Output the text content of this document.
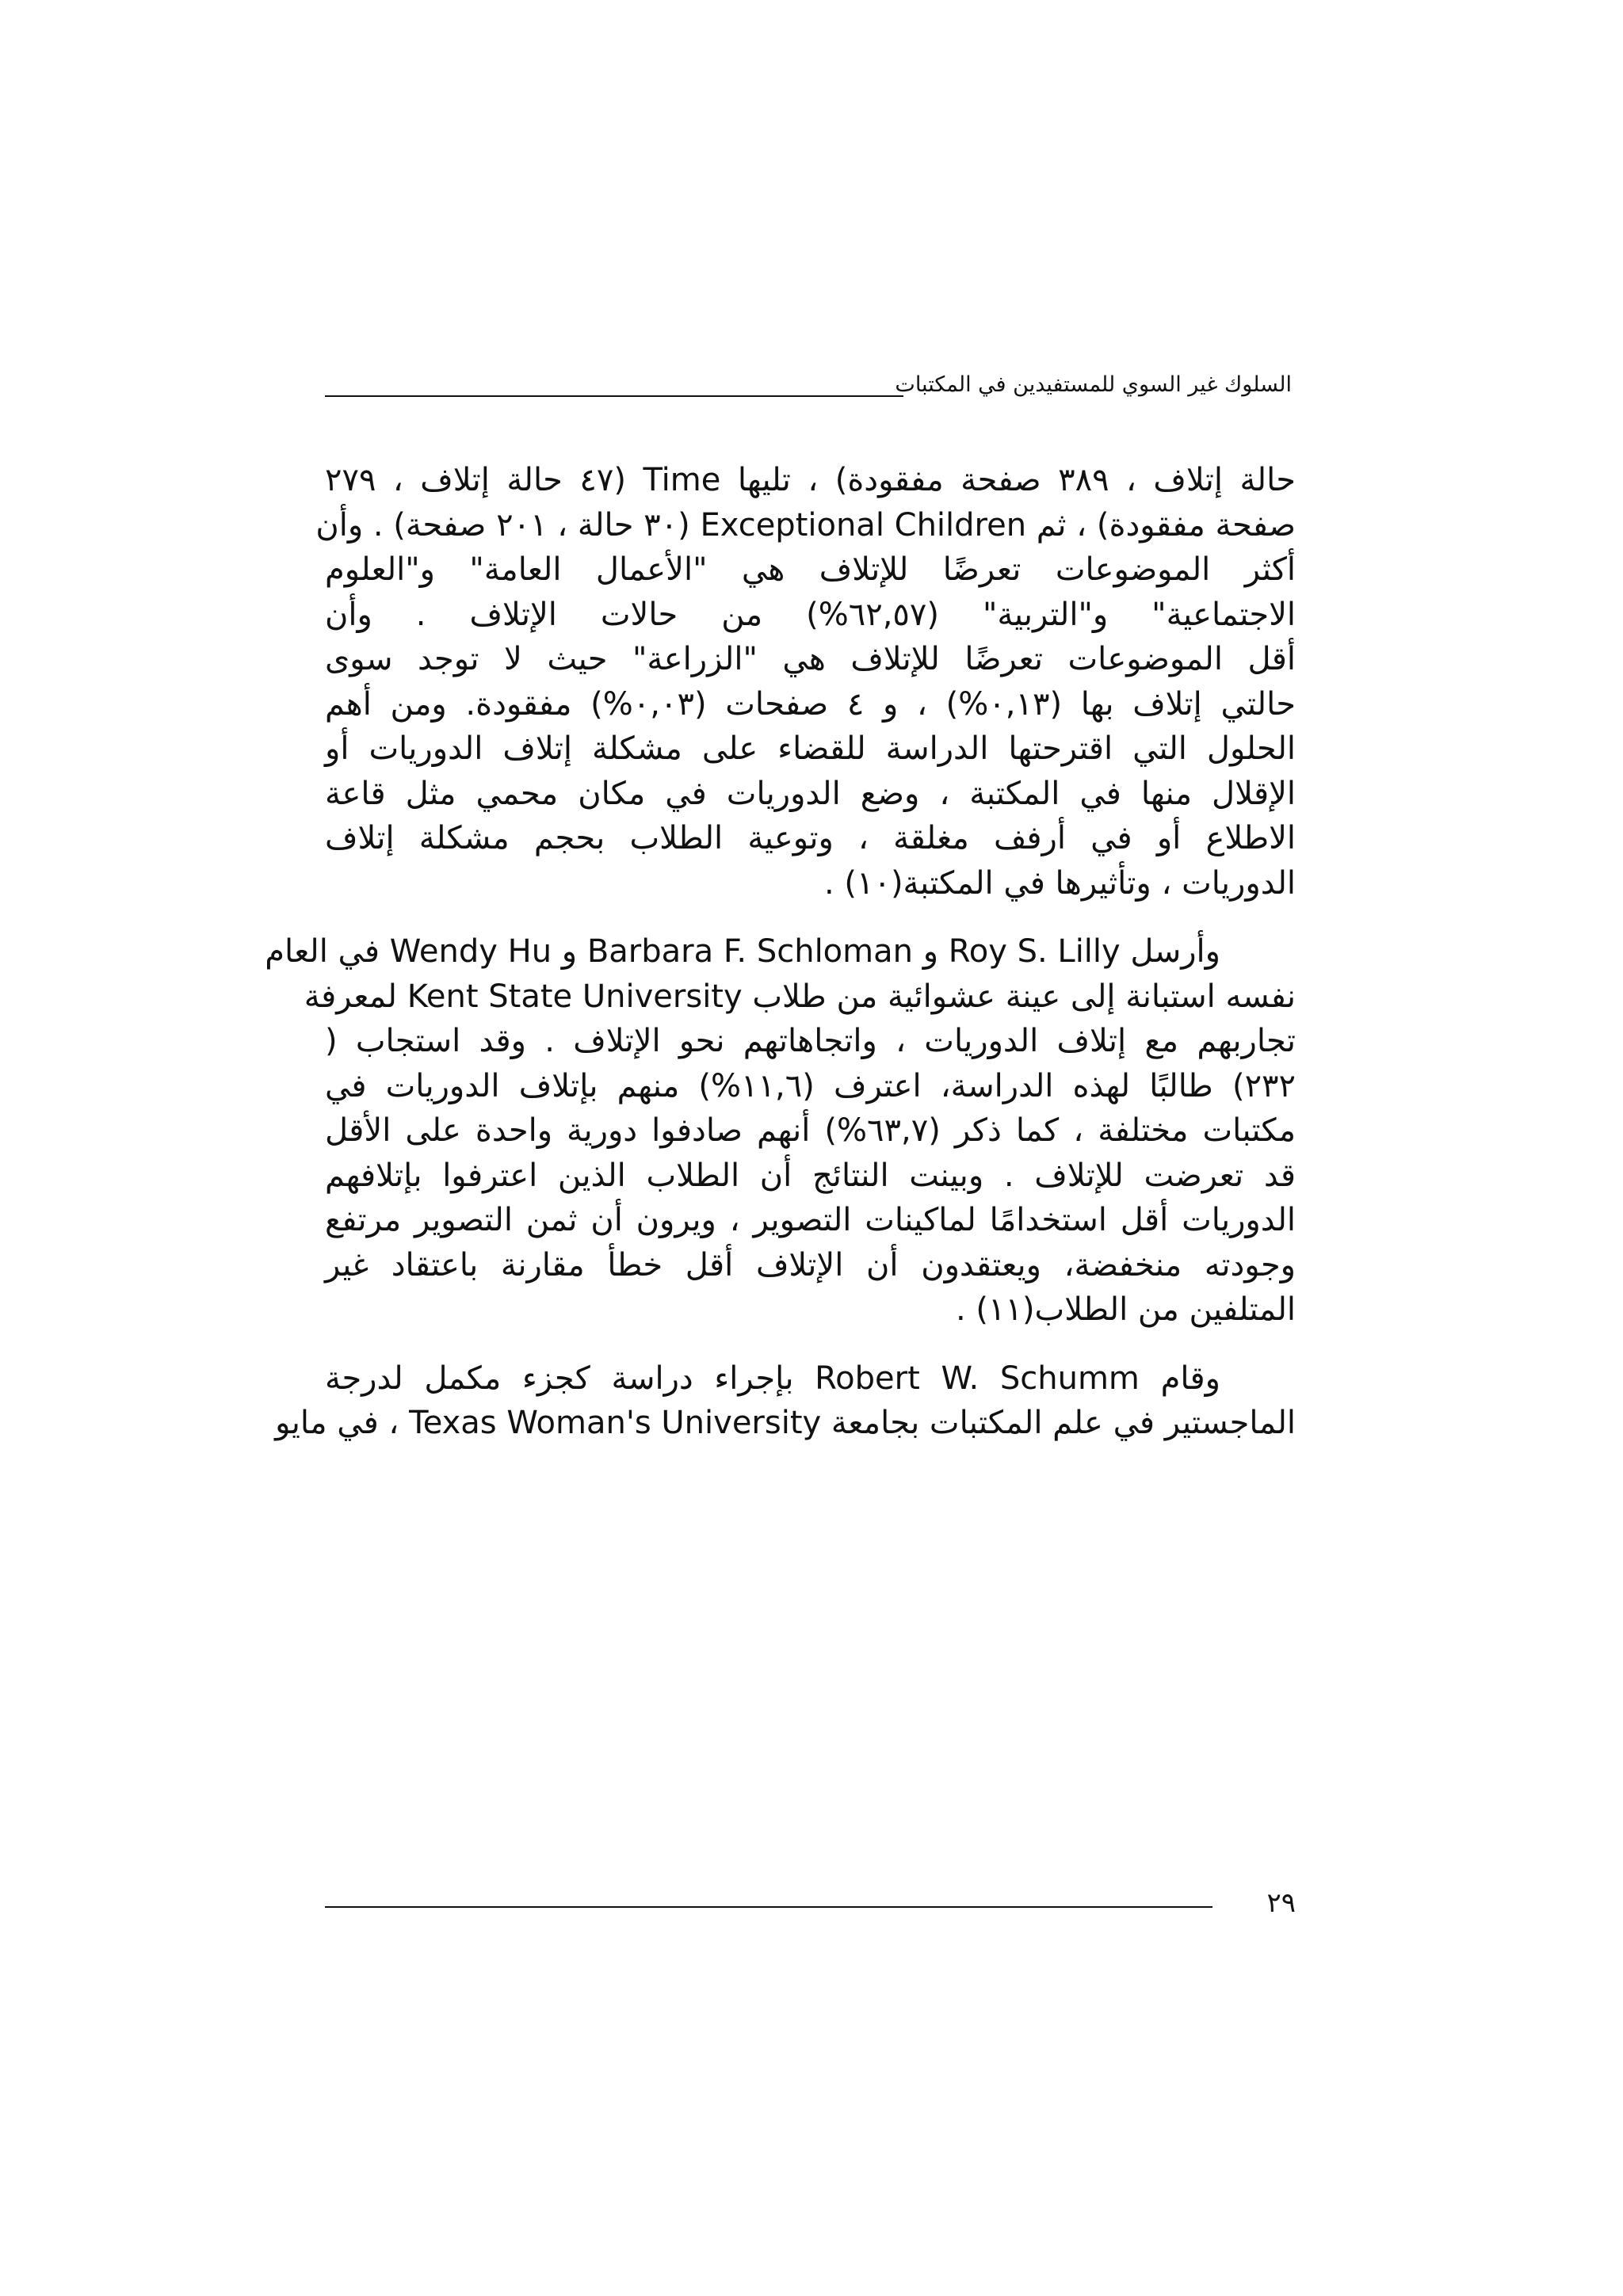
السلوك غير السوي للمستفيدين في المكتبات
حالة إتلاف ، ٣٨٩ صفحة مفقودة) ، تليها Time (٤٧ حالة إتلاف ، ٢٧٩
صفحة مفقودة) ، ثم Exceptional Children (٣٠ حالة ، ٢٠١ صفحة) . وأن
أكثر الموضوعات تعرضًا للإتلاف هي "الأعمال العامة" و"العلوم
الاجتماعية" و"التربية" (٦٢,٥٧%) من حالات الإتلاف . وأن
أقل الموضوعات تعرضًا للإتلاف هي "الزراعة" حيث لا توجد سوى
حالتي إتلاف بها (٠,١٣%) ، و ٤ صفحات (٠,٠٣%) مفقودة. ومن أهم
الحلول التي اقترحتها الدراسة للقضاء على مشكلة إتلاف الدوريات أو
الإقلال منها في المكتبة ، وضع الدوريات في مكان محمي مثل قاعة
الاطلاع أو في أرفف مغلقة ، وتوعية الطلاب بحجم مشكلة إتلاف
الدوريات ، وتأثيرها في المكتبة(١٠) .
وأرسل Roy S. Lilly و Barbara F. Schloman و Wendy Hu في العام
نفسه استبانة إلى عينة عشوائية من طلاب Kent State University لمعرفة
تجاربهم مع إتلاف الدوريات ، واتجاهاتهم نحو الإتلاف . وقد استجاب (
٢٣٢) طالبًا لهذه الدراسة، اعترف (١١,٦%) منهم بإتلاف الدوريات في
مكتبات مختلفة ، كما ذكر (٦٣,٧%) أنهم صادفوا دورية واحدة على الأقل
قد تعرضت للإتلاف . وبينت النتائج أن الطلاب الذين اعترفوا بإتلافهم
الدوريات أقل استخدامًا لماكينات التصوير ، ويرون أن ثمن التصوير مرتفع
وجودته منخفضة، ويعتقدون أن الإتلاف أقل خطأ مقارنة باعتقاد غير
المتلفين من الطلاب(١١) .
وقام Robert W. Schumm بإجراء دراسة كجزء مكمل لدرجة
الماجستير في علم المكتبات بجامعة Texas Woman's University ، في مايو
٢٩
